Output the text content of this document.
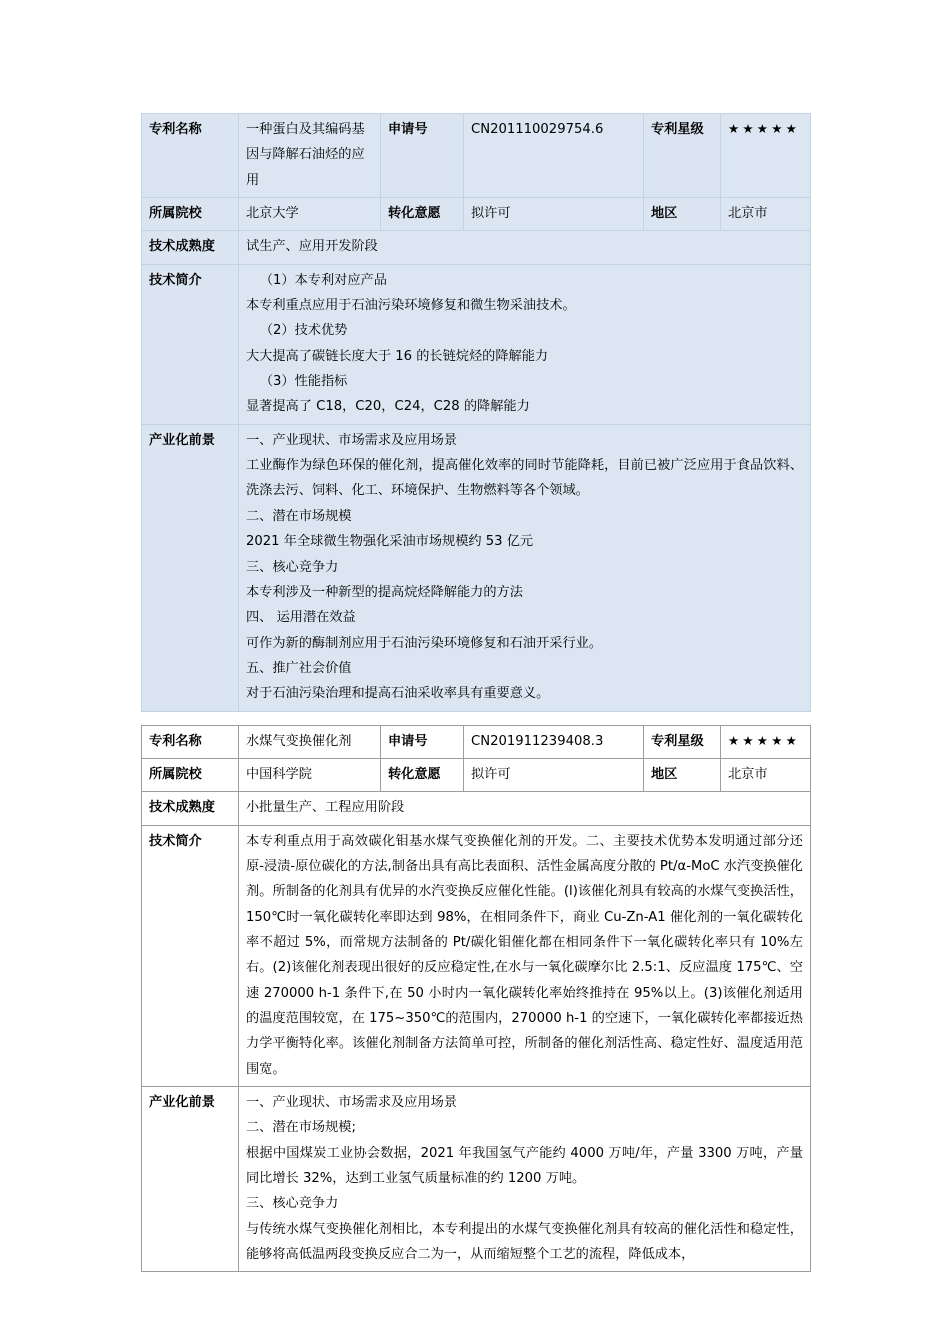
专利名称	一种蛋白及其编码基因与降解石油烃的应用	申请号	CN201110029754.6	专利星级	★★★★★
所属院校	北京大学	转化意愿	拟许可	地区	北京市
技术成熟度	试生产、应用开发阶段				
技术简介	（1）本专利对应产品
本专利重点应用于石油污染环境修复和微生物采油技术。
（2）技术优势
大大提高了碳链长度大于 16 的长链烷烃的降解能力
（3）性能指标
显著提高了 C18，C20，C24，C28 的降解能力

产业化前景	一、产业现状、市场需求及应用场景
工业酶作为绿色环保的催化剂，提高催化效率的同时节能降耗，目前已被广泛应用于食品饮料、洗涤去污、饲料、化工、环境保护、生物燃料等各个领域。
二、潜在市场规模
2021 年全球微生物强化采油市场规模约 53 亿元
三、核心竞争力
本专利涉及一种新型的提高烷烃降解能力的方法
四、 运用潜在效益
可作为新的酶制剂应用于石油污染环境修复和石油开采行业。
五、推广社会价值
对于石油污染治理和提高石油采收率具有重要意义。
专利名称	水煤气变换催化剂	申请号	CN201911239408.3	专利星级	★★★★★
所属院校	中国科学院	转化意愿	拟许可	地区	北京市
技术成熟度	小批量生产、工程应用阶段				
技术简介	本专利重点用于高效碳化钼基水煤气变换催化剂的开发。二、主要技术优势本发明通过部分还原-浸渍-原位碳化的方法,制备出具有高比表面积、活性金属高度分散的 Pt/α-MoC 水汽变换催化剂。所制备的化剂具有优异的水汽变换反应催化性能。(l)该催化剂具有较高的水煤气变换活性，150℃时一氧化碳转化率即达到 98%，在相同条件下，商业 Cu-Zn-A1 催化剂的一氧化碳转化率不超过 5%，而常规方法制备的 Pt/碳化钼催化都在相同条件下一氧化碳转化率只有 10%左右。(2)该催化剂表现出很好的反应稳定性,在水与一氧化碳摩尔比 2.5:1、反应温度 175℃、空速 270000 h-1 条件下,在 50 小时内一氧化碳转化率始终推持在 95%以上。(3)该催化剂适用的温度范围较宽，在 175~350℃的范围内，270000 h-1 的空速下，一氧化碳转化率都接近热力学平衡特化率。该催化剂制备方法简单可控，所制备的催化剂活性高、稳定性好、温度适用范围宽。				

产业化前景	一、产业现状、市场需求及应用场景
二、潜在市场规模;
根据中国煤炭工业协会数据，2021 年我国氢气产能约 4000 万吨/年，产量 3300 万吨，产量同比增长 32%，达到工业氢气质量标准的约 1200 万吨。
三、核心竞争力
与传统水煤气变换催化剂相比，本专利提出的水煤气变换催化剂具有较高的催化活性和稳定性，能够将高低温两段变换反应合二为一，从而缩短整个工艺的流程，降低成本，				
